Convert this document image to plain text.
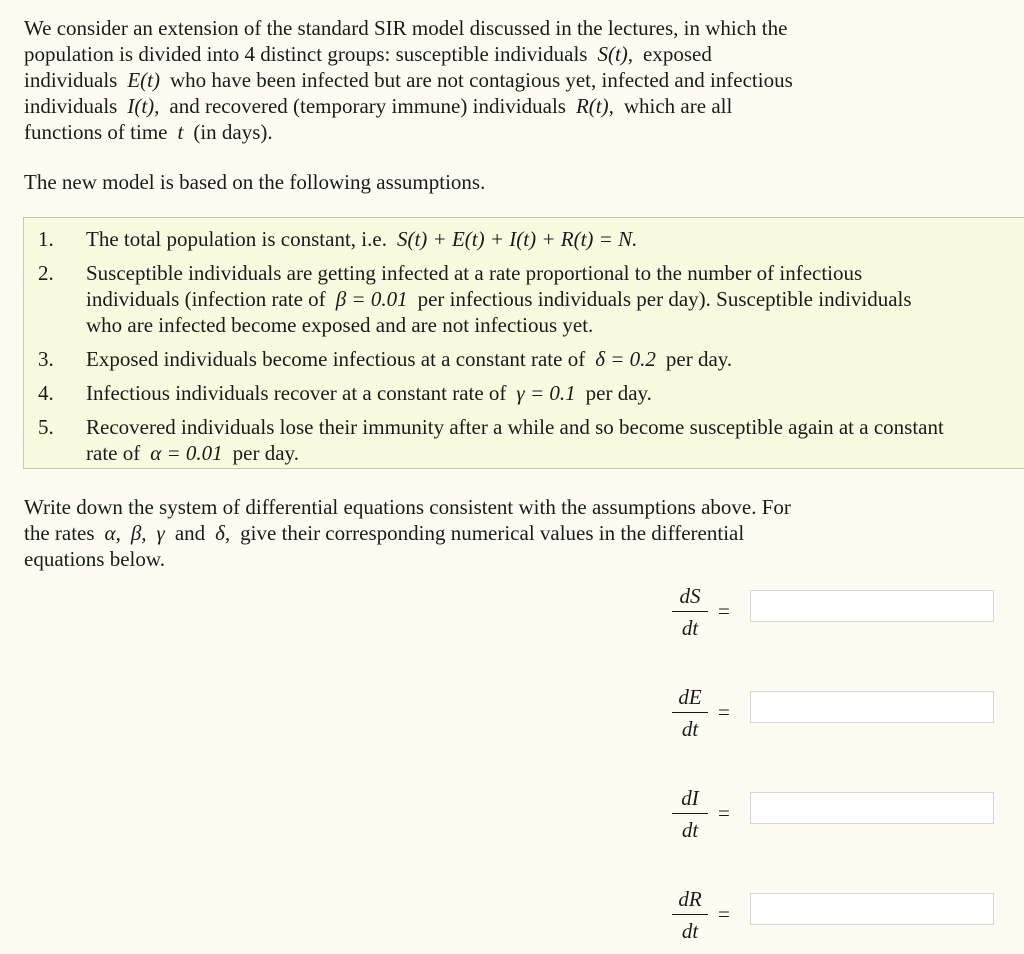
We consider an extension of the standard SIR model discussed in the lectures, in which the

population is divided into 4 distinct groups: susceptible individuals S(t), exposed

individuals E(t) who have been infected but are not contagious yet, infected and infectious

individuals I(t), and recovered (temporary immune) individuals R(t), which are all

functions of time t (in days).

The new model is based on the following assumptions.
1. The total population is constant, i.e. S(t) + E(t) + I(t) + R(t) = N.
2. Susceptible individuals are getting infected at a rate proportional to the number of infectious
individuals (infection rate of β = 0.01 per infectious individuals per day). Susceptible individuals
who are infected become exposed and are not infectious yet.
3. Exposed individuals become infectious at a constant rate of δ = 0.2 per day.
4. Infectious individuals recover at a constant rate of γ = 0.1 per day.
5. Recovered individuals lose their immunity after a while and so become susceptible again at a constant
rate of α = 0.01 per day.
Write down the system of differential equations consistent with the assumptions above. For
the rates α, β, γ and δ, give their corresponding numerical values in the differential
equations below.
dS
dt
=
dE
dt
=
dI
dt
=
dR
dt
=
